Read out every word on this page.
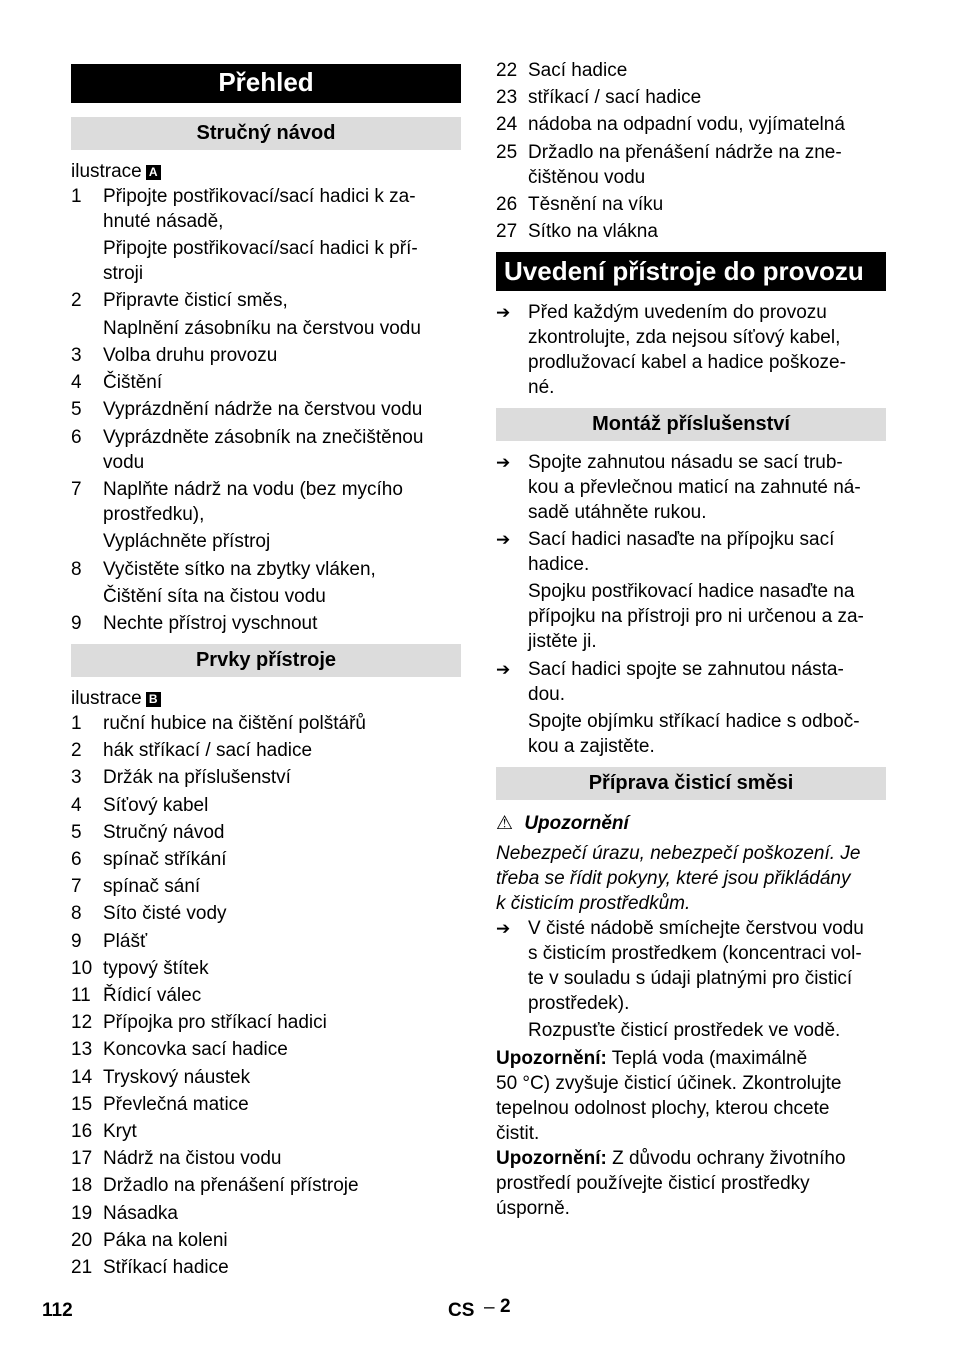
Přehled
Stručný návod
ilustrace A
1	Připojte postřikovací/sací hadici k za-
hnuté násadě,
Připojte postřikovací/sací hadici k pří-
stroji
2	Připravte čisticí směs,
Naplnění zásobníku na čerstvou vodu
3	Volba druhu provozu
4	Čištění
5	Vyprázdnění nádrže na čerstvou vodu
6	Vyprázdněte zásobník na znečištěnou
vodu
7	Naplňte nádrž na vodu (bez mycího
prostředku),
Vypláchněte přístroj
8	Vyčistěte sítko na zbytky vláken,
Čištění síta na čistou vodu
9	Nechte přístroj vyschnout
Prvky přístroje
ilustrace B
1	ruční hubice na čištění polštářů
2	hák stříkací / sací hadice
3	Držák na příslušenství
4	Síťový kabel
5	Stručný návod
6	spínač stříkání
7	spínač sání
8	Síto čisté vody
9	Plášť
10 typový štítek
11 Řídicí válec
12 Přípojka pro stříkací hadici
13 Koncovka sací hadice
14 Tryskový náustek
15 Převlečná matice
16 Kryt
17 Nádrž na čistou vodu
18 Držadlo na přenášení přístroje
19 Násadka
20 Páka na koleni
21 Stříkací hadice
22 Sací hadice
23 stříkací / sací hadice
24 nádoba na odpadní vodu, vyjímatelná
25 Držadlo na přenášení nádrže na zne-
čištěnou vodu
26 Těsnění na víku
27 Sítko na vlákna
Uvedení přístroje do provozu
➔ Před každým uvedením do provozu
zkontrolujte, zda nejsou síťový kabel,
prodlužovací kabel a hadice poškoze-
né.
Montáž příslušenství
➔ Spojte zahnutou násadu se sací trub-
kou a převlečnou maticí na zahnuté ná-
sadě utáhněte rukou.
➔ Sací hadici nasaďte na přípojku sací
hadice.
Spojku postřikovací hadice nasaďte na
přípojku na přístroji pro ni určenou a za-
jistěte ji.
➔ Sací hadici spojte se zahnutou násta-
dou.
Spojte objímku stříkací hadice s odboč-
kou a zajistěte.
Příprava čisticí směsi
⚠ Upozornění
Nebezpečí úrazu, nebezpečí poškození. Je
třeba se řídit pokyny, které jsou přikládány
k čisticím prostředkům.
➔ V čisté nádobě smíchejte čerstvou vodu
s čisticím prostředkem (koncentraci vol-
te v souladu s údaji platnými pro čisticí
prostředek).
Rozpusťte čisticí prostředek ve vodě.
Upozornění: Teplá voda (maximálně
50 °C) zvyšuje čisticí účinek. Zkontrolujte
tepelnou odolnost plochy, kterou chcete
čistit.
Upozornění: Z důvodu ochrany životního
prostředí používejte čisticí prostředky
úsporně.
112	CS – 2
